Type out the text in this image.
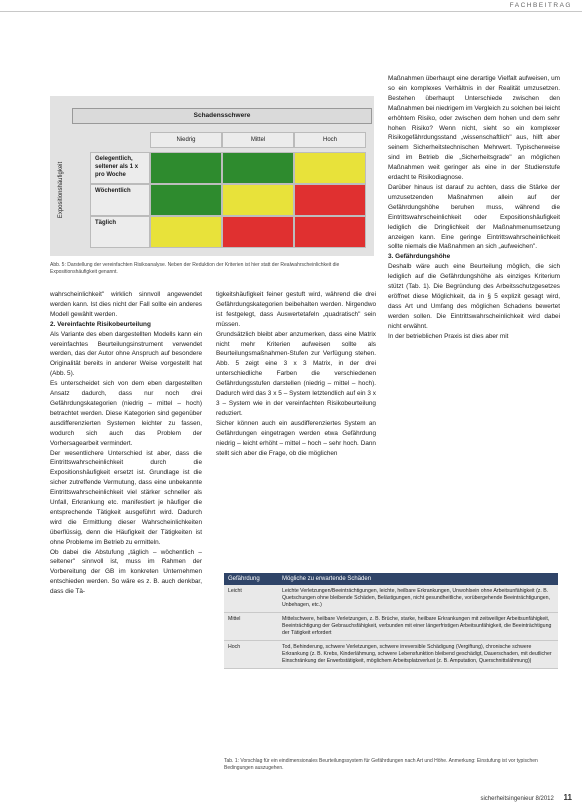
FACHBEITRAG
Expositionshäufigkeit
Schadensschwere
Niedrig	Mittel	Hoch
Gelegentlich, seltener als 1 x pro Woche
Wöchentlich
Täglich
Abb. 5: Darstellung der vereinfachten Risikoanalyse. Neben der Reduktion der Kriterien ist hier statt der Realwahrscheinlichkeit die Expositionshäufigkeit genannt.

wahrscheinlichkeit" wirklich sinnvoll angewendet werden kann. Ist dies nicht der Fall sollte ein anderes Modell gewählt werden.

2. Vereinfachte Risikobeurteilung

Als Variante des eben dargestellten Modells kann ein vereinfachtes Beurteilungsinstrument verwendet werden, das der Autor ohne Anspruch auf besondere Originalität bereits in anderer Weise vorgestellt hat (Abb. 5).

Es unterscheidet sich von dem eben dargestellten Ansatz dadurch, dass nur noch drei Gefährdungskategorien (niedrig – mittel – hoch) betrachtet werden. Diese Kategorien sind gegenüber ausdifferenzierten Systemen leichter zu fassen, wodurch sich auch das Problem der Vorhersagearbeit vermindert.

Der wesentlichere Unterschied ist aber, dass die Eintrittswahrscheinlichkeit durch die Expositionshäufigkeit ersetzt ist. Grundlage ist die sicher zutreffende Vermutung, dass eine unbekannte Eintrittswahrscheinlichkeit viel stärker schneller als Unfall, Erkrankung etc. manifestiert je häufiger die entsprechende Tätigkeit ausgeführt wird. Dadurch wird die Ermittlung dieser Wahrscheinlichkeiten überflüssig, denn die Häufigkeit der Tätigkeiten ist ohne Probleme im Betrieb zu ermitteln.

Ob dabei die Abstufung „täglich – wöchentlich – seltener" sinnvoll ist, muss im Rahmen der Vorbereitung der GB im konkreten Unternehmen entschieden werden. So wäre es z. B. auch denkbar, dass die Tä-

tigkeitshäufigkeit feiner gestuft wird, während die drei Gefährdungskategorien beibehalten werden. Nirgendwo ist festgelegt, dass Auswertetafeln „quadratisch" sein müssen.

Grundsätzlich bleibt aber anzumerken, dass eine Matrix nicht mehr Kriterien aufweisen sollte als Beurteilungsmaßnahmen-Stufen zur Verfügung stehen. Abb. 5 zeigt eine 3 x 3 Matrix, in der drei unterschiedliche Farben die verschiedenen Gefährdungsstufen darstellen (niedrig – mittel – hoch). Dadurch wird das 3 x 5 – System letztendlich auf ein 3 x 3 – System wie in der vereinfachten Risikobeurteilung reduziert.

Sicher können auch ein ausdifferenziertes System an Gefährdungen eingetragen werden etwa Gefährdung niedrig – leicht erhöht – mittel – hoch – sehr hoch. Dann stellt sich aber die Frage, ob die möglichen

Maßnahmen überhaupt eine derartige Vielfalt aufweisen, um so ein komplexes Verhältnis in der Realität umzusetzen. Bestehen überhaupt Unterschiede zwischen den Maßnahmen bei niedrigem im Vergleich zu solchen bei leicht erhöhtem Risiko, oder zwischen dem hohen und dem sehr hohen Risiko? Wenn nicht, sieht so ein komplexer Risikogefährdungsstand „wissenschaftlich" aus, hilft aber seinem Sicherheitstechnischen Mehrwert. Typischerweise sind im Betrieb die „Sicherheitsgrade" an möglichen Maßnahmen weit geringer als eine in der Studienstufe erdacht te Risikodiagnose.

Darüber hinaus ist darauf zu achten, dass die Stärke der umzusetzenden Maßnahmen allein auf der Gefährdungshöhe beruhen muss, während die Eintrittswahrscheinlichkeit oder Expositionshäufigkeit lediglich die Dringlichkeit der Maßnahmenumsetzung anzeigen kann. Eine geringe Eintrittswahrscheinlichkeit sollte niemals die Maßnahmen an sich „aufweichen".

3. Gefährdungshöhe

Deshalb wäre auch eine Beurteilung möglich, die sich lediglich auf die Gefährdungshöhe als einziges Kriterium stützt (Tab. 1). Die Begründung des Arbeitsschutzgesetzes eröffnet diese Möglichkeit, da in § 5 explizit gesagt wird, dass Art und Umfang des möglichen Schadens bewertet werden sollen. Die Eintrittswahrscheinlichkeit wird dabei nicht erwähnt.

In der betrieblichen Praxis ist dies aber mit

Gefährdung	Mögliche zu erwartende Schäden
Leicht	Leichte Verletzungen/Beeinträchtigungen, leichte, heilbare Erkrankungen, Unwohlsein ohne Arbeitsunfähigkeit (z. B. Quetschungen ohne bleibende Schäden, Belästigungen, nicht gesundheitliche, vorübergehende Beeinträchtigungen, Unbehagen, etc.)
Mittel	Mittelschwere, heilbare Verletzungen, z. B. Brüche, starke, heilbare Erkrankungen mit zeitweiliger Arbeitsunfähigkeit, Beeinträchtigung der Gebrauchsfähigkeit, verbunden mit einer längerfristigen Arbeitsunfähigkeit, die Beeinträchtigung der Tätigkeit erfordert
Hoch	Tod, Behinderung, schwere Verletzungen, schwere irreversible Schädigung (Vergiftung), chronische schwere Erkrankung (z. B. Krebs, Kinderlähmung, schwere Lebensfunktion bleibend geschädigt, Dauerschaden, mit deutlicher Einschränkung der Erwerbstätigkeit, möglichem Arbeitsplatzverlust (z. B. Amputation, Querschnittslähmung))
Tab. 1: Vorschlag für ein eindimensionales Beurteilungssystem für Gefährdungen nach Art und Höhe. Anmerkung: Einstufung ist vor typischen Bedingungen auszugehen.
sicherheitsingenieur 8/2012 11
